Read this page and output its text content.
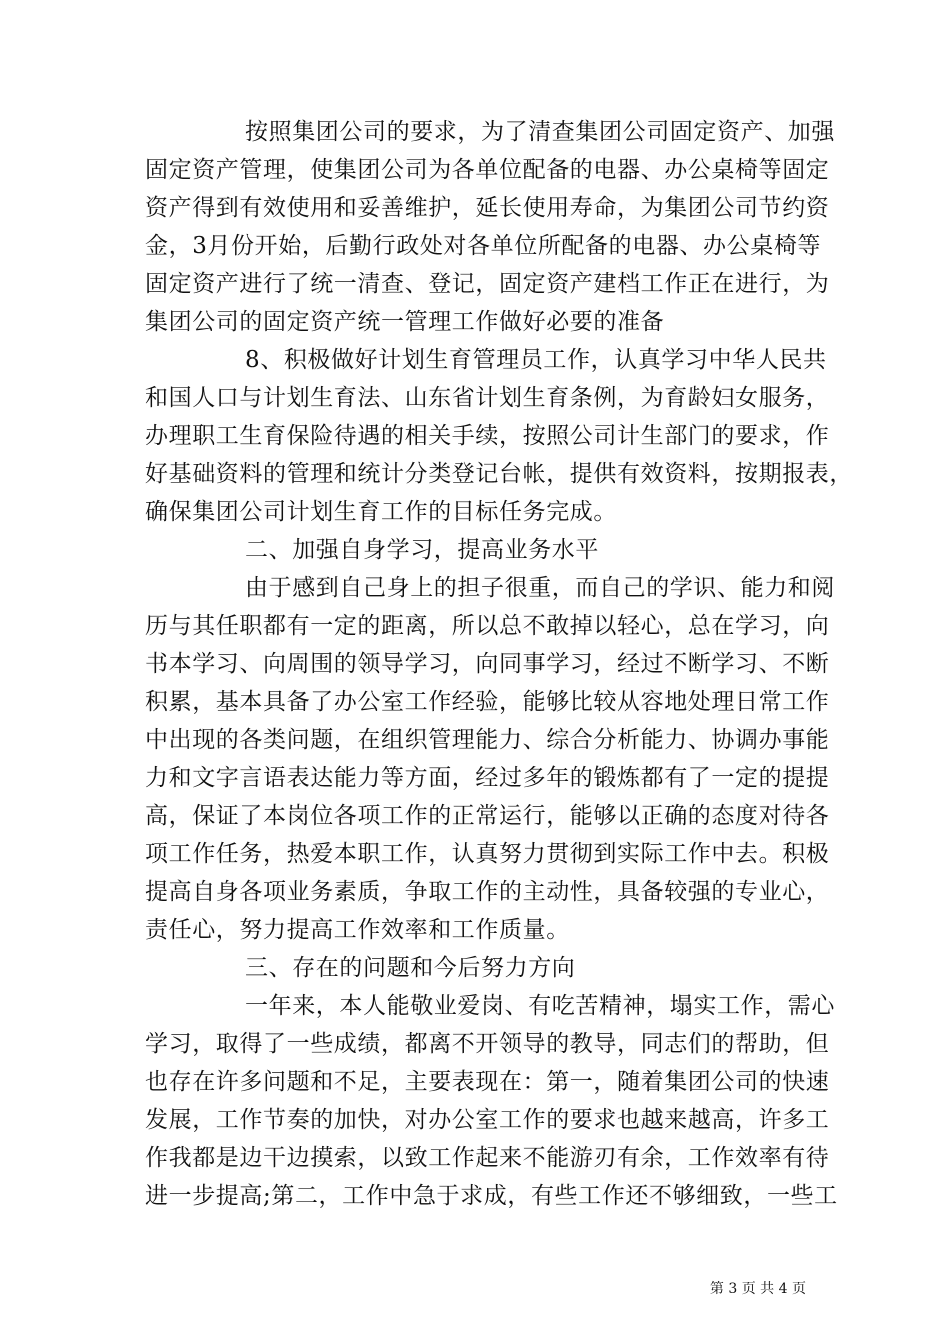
按照集团公司的要求，为了清查集团公司固定资产、加强
固定资产管理，使集团公司为各单位配备的电器、办公桌椅等固定
资产得到有效使用和妥善维护，延长使用寿命，为集团公司节约资
金，3月份开始，后勤行政处对各单位所配备的电器、办公桌椅等
固定资产进行了统一清查、登记，固定资产建档工作正在进行，为
集团公司的固定资产统一管理工作做好必要的准备
8、积极做好计划生育管理员工作，认真学习中华人民共
和国人口与计划生育法、山东省计划生育条例，为育龄妇女服务，
办理职工生育保险待遇的相关手续，按照公司计生部门的要求，作
好基础资料的管理和统计分类登记台帐，提供有效资料，按期报表，
确保集团公司计划生育工作的目标任务完成。
二、加强自身学习，提高业务水平
由于感到自己身上的担子很重，而自己的学识、能力和阅
历与其任职都有一定的距离，所以总不敢掉以轻心，总在学习，向
书本学习、向周围的领导学习，向同事学习，经过不断学习、不断
积累，基本具备了办公室工作经验，能够比较从容地处理日常工作
中出现的各类问题，在组织管理能力、综合分析能力、协调办事能
力和文字言语表达能力等方面，经过多年的锻炼都有了一定的提提
高，保证了本岗位各项工作的正常运行，能够以正确的态度对待各
项工作任务，热爱本职工作，认真努力贯彻到实际工作中去。积极
提高自身各项业务素质，争取工作的主动性，具备较强的专业心，
责任心，努力提高工作效率和工作质量。
三、存在的问题和今后努力方向
一年来，本人能敬业爱岗、有吃苦精神，塌实工作，需心
学习，取得了一些成绩，都离不开领导的教导，同志们的帮助，但
也存在许多问题和不足，主要表现在：第一，随着集团公司的快速
发展，工作节奏的加快，对办公室工作的要求也越来越高，许多工
作我都是边干边摸索，以致工作起来不能游刃有余，工作效率有待
进一步提高;第二，工作中急于求成，有些工作还不够细致，一些工
第 3 页 共 4 页
